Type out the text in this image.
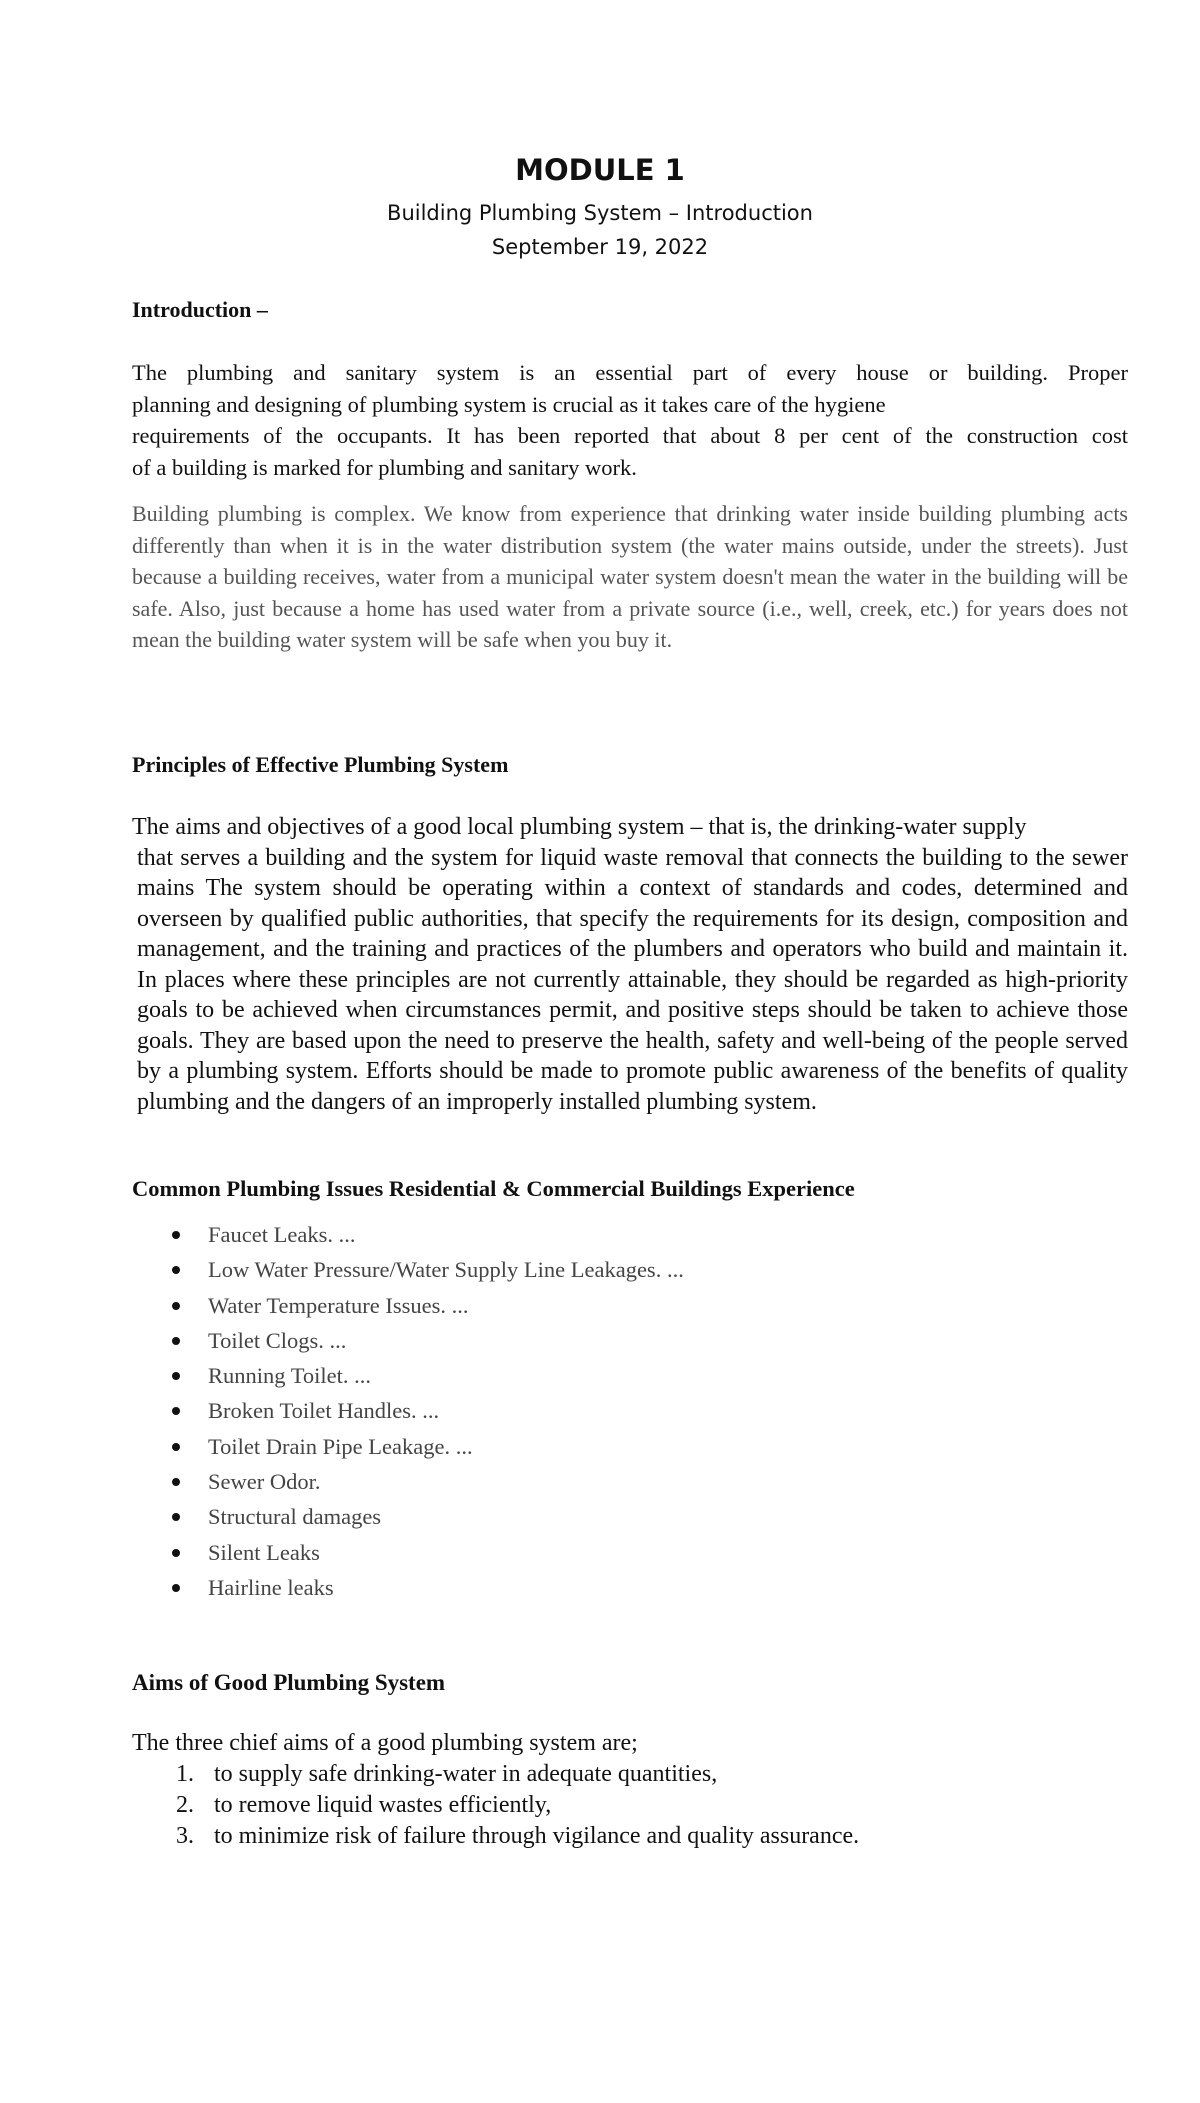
MODULE 1
Building Plumbing System – Introduction
September 19, 2022
Introduction –
The plumbing and sanitary system is an essential part of every house or building. Proper
planning and designing of plumbing system is crucial as it takes care of the hygiene
requirements of the occupants. It has been reported that about 8 per cent of the construction cost
of a building is marked for plumbing and sanitary work.
Building plumbing is complex. We know from experience that drinking water inside building plumbing acts differently than when it is in the water distribution system (the water mains outside, under the streets). Just because a building receives, water from a municipal water system doesn't mean the water in the building will be safe. Also, just because a home has used water from a private source (i.e., well, creek, etc.) for years does not mean the building water system will be safe when you buy it.
Principles of Effective Plumbing System
The aims and objectives of a good local plumbing system – that is, the drinking-water supply
that serves a building and the system for liquid waste removal that connects the building to the sewer mains The system should be operating within a context of standards and codes, determined and overseen by qualified public authorities, that specify the requirements for its design, composition and management, and the training and practices of the plumbers and operators who build and maintain it. In places where these principles are not currently attainable, they should be regarded as high-priority goals to be achieved when circumstances permit, and positive steps should be taken to achieve those goals. They are based upon the need to preserve the health, safety and well-being of the people served by a plumbing system. Efforts should be made to promote public awareness of the benefits of quality plumbing and the dangers of an improperly installed plumbing system.
Common Plumbing Issues Residential & Commercial Buildings Experience
Faucet Leaks. ...
Low Water Pressure/Water Supply Line Leakages. ...
Water Temperature Issues. ...
Toilet Clogs. ...
Running Toilet. ...
Broken Toilet Handles. ...
Toilet Drain Pipe Leakage. ...
Sewer Odor.
Structural damages
Silent Leaks
Hairline leaks
Aims of Good Plumbing System
The three chief aims of a good plumbing system are;
1. to supply safe drinking-water in adequate quantities,
2. to remove liquid wastes efficiently,
3. to minimize risk of failure through vigilance and quality assurance.
